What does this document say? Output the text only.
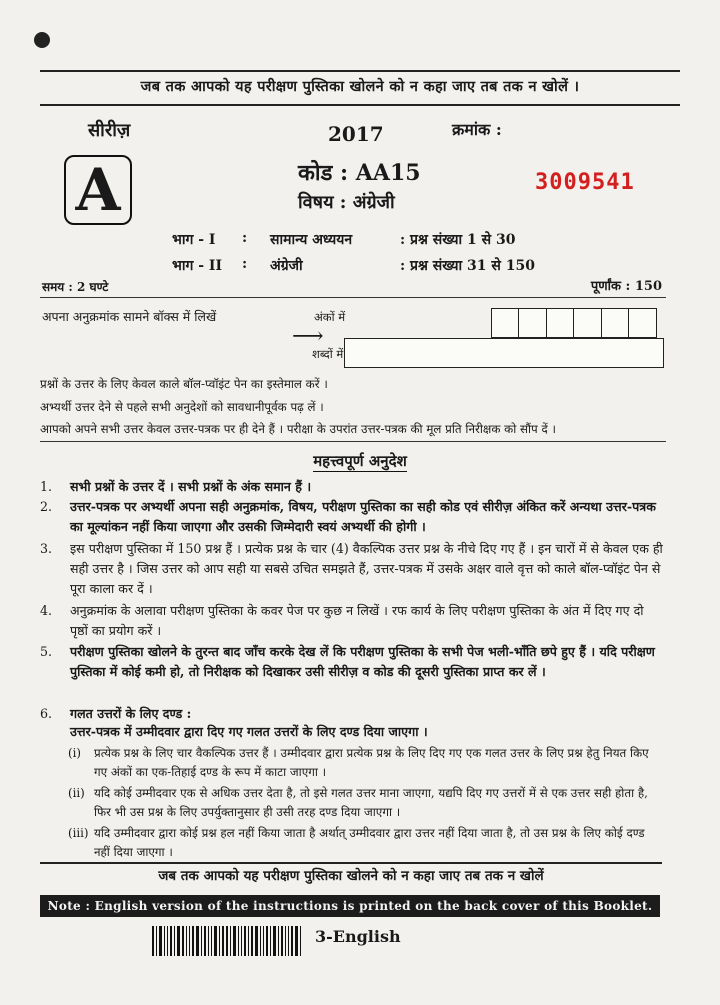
जब तक आपको यह परीक्षण पुस्तिका खोलने को न कहा जाए तब तक न खोलें ।
सीरीज़
A
2017
कोड : AA15
विषय : अंग्रेजी
क्रमांक :
3009541
भाग - I	:	सामान्य अध्ययन	: प्रश्न संख्या 1 से 30
भाग - II	:	अंग्रेजी	: प्रश्न संख्या 31 से 150
समय : 2 घण्टे	पूर्णांक : 150
अपना अनुक्रमांक सामने बॉक्स में लिखें	अंकों में
⟶
शब्दों में
प्रश्नों के उत्तर के लिए केवल काले बॉल-प्वॉइंट पेन का इस्तेमाल करें ।
अभ्यर्थी उत्तर देने से पहले सभी अनुदेशों को सावधानीपूर्वक पढ़ लें ।
आपको अपने सभी उत्तर केवल उत्तर-पत्रक पर ही देने हैं । परीक्षा के उपरांत उत्तर-पत्रक की मूल प्रति निरीक्षक को सौंप दें ।
महत्त्वपूर्ण अनुदेश
1.	सभी प्रश्नों के उत्तर दें । सभी प्रश्नों के अंक समान हैं ।
2.	उत्तर-पत्रक पर अभ्यर्थी अपना सही अनुक्रमांक, विषय, परीक्षण पुस्तिका का सही कोड एवं सीरीज़ अंकित करें अन्यथा उत्तर-पत्रक का मूल्यांकन नहीं किया जाएगा और उसकी जिम्मेदारी स्वयं अभ्यर्थी की होगी ।
3.	इस परीक्षण पुस्तिका में 150 प्रश्न हैं । प्रत्येक प्रश्न के चार (4) वैकल्पिक उत्तर प्रश्न के नीचे दिए गए हैं । इन चारों में से केवल एक ही सही उत्तर है । जिस उत्तर को आप सही या सबसे उचित समझते हैं, उत्तर-पत्रक में उसके अक्षर वाले वृत्त को काले बॉल-प्वॉइंट पेन से पूरा काला कर दें ।
4.	अनुक्रमांक के अलावा परीक्षण पुस्तिका के कवर पेज पर कुछ न लिखें । रफ कार्य के लिए परीक्षण पुस्तिका के अंत में दिए गए दो पृष्ठों का प्रयोग करें ।
5.	परीक्षण पुस्तिका खोलने के तुरन्त बाद जाँच करके देख लें कि परीक्षण पुस्तिका के सभी पेज भली-भाँति छपे हुए हैं । यदि परीक्षण पुस्तिका में कोई कमी हो, तो निरीक्षक को दिखाकर उसी सीरीज़ व कोड की दूसरी पुस्तिका प्राप्त कर लें ।
6.	गलत उत्तरों के लिए दण्ड :
उत्तर-पत्रक में उम्मीदवार द्वारा दिए गए गलत उत्तरों के लिए दण्ड दिया जाएगा ।
(i)	प्रत्येक प्रश्न के लिए चार वैकल्पिक उत्तर हैं । उम्मीदवार द्वारा प्रत्येक प्रश्न के लिए दिए गए एक गलत उत्तर के लिए प्रश्न हेतु नियत किए गए अंकों का एक-तिहाई दण्ड के रूप में काटा जाएगा ।
(ii) यदि कोई उम्मीदवार एक से अधिक उत्तर देता है, तो इसे गलत उत्तर माना जाएगा, यद्यपि दिए गए उत्तरों में से एक उत्तर सही होता है, फिर भी उस प्रश्न के लिए उपर्युक्तानुसार ही उसी तरह दण्ड दिया जाएगा ।
(iii) यदि उम्मीदवार द्वारा कोई प्रश्न हल नहीं किया जाता है अर्थात् उम्मीदवार द्वारा उत्तर नहीं दिया जाता है, तो उस प्रश्न के लिए कोई दण्ड नहीं दिया जाएगा ।
जब तक आपको यह परीक्षण पुस्तिका खोलने को न कहा जाए तब तक न खोलें
Note : English version of the instructions is printed on the back cover of this Booklet.
3-English
